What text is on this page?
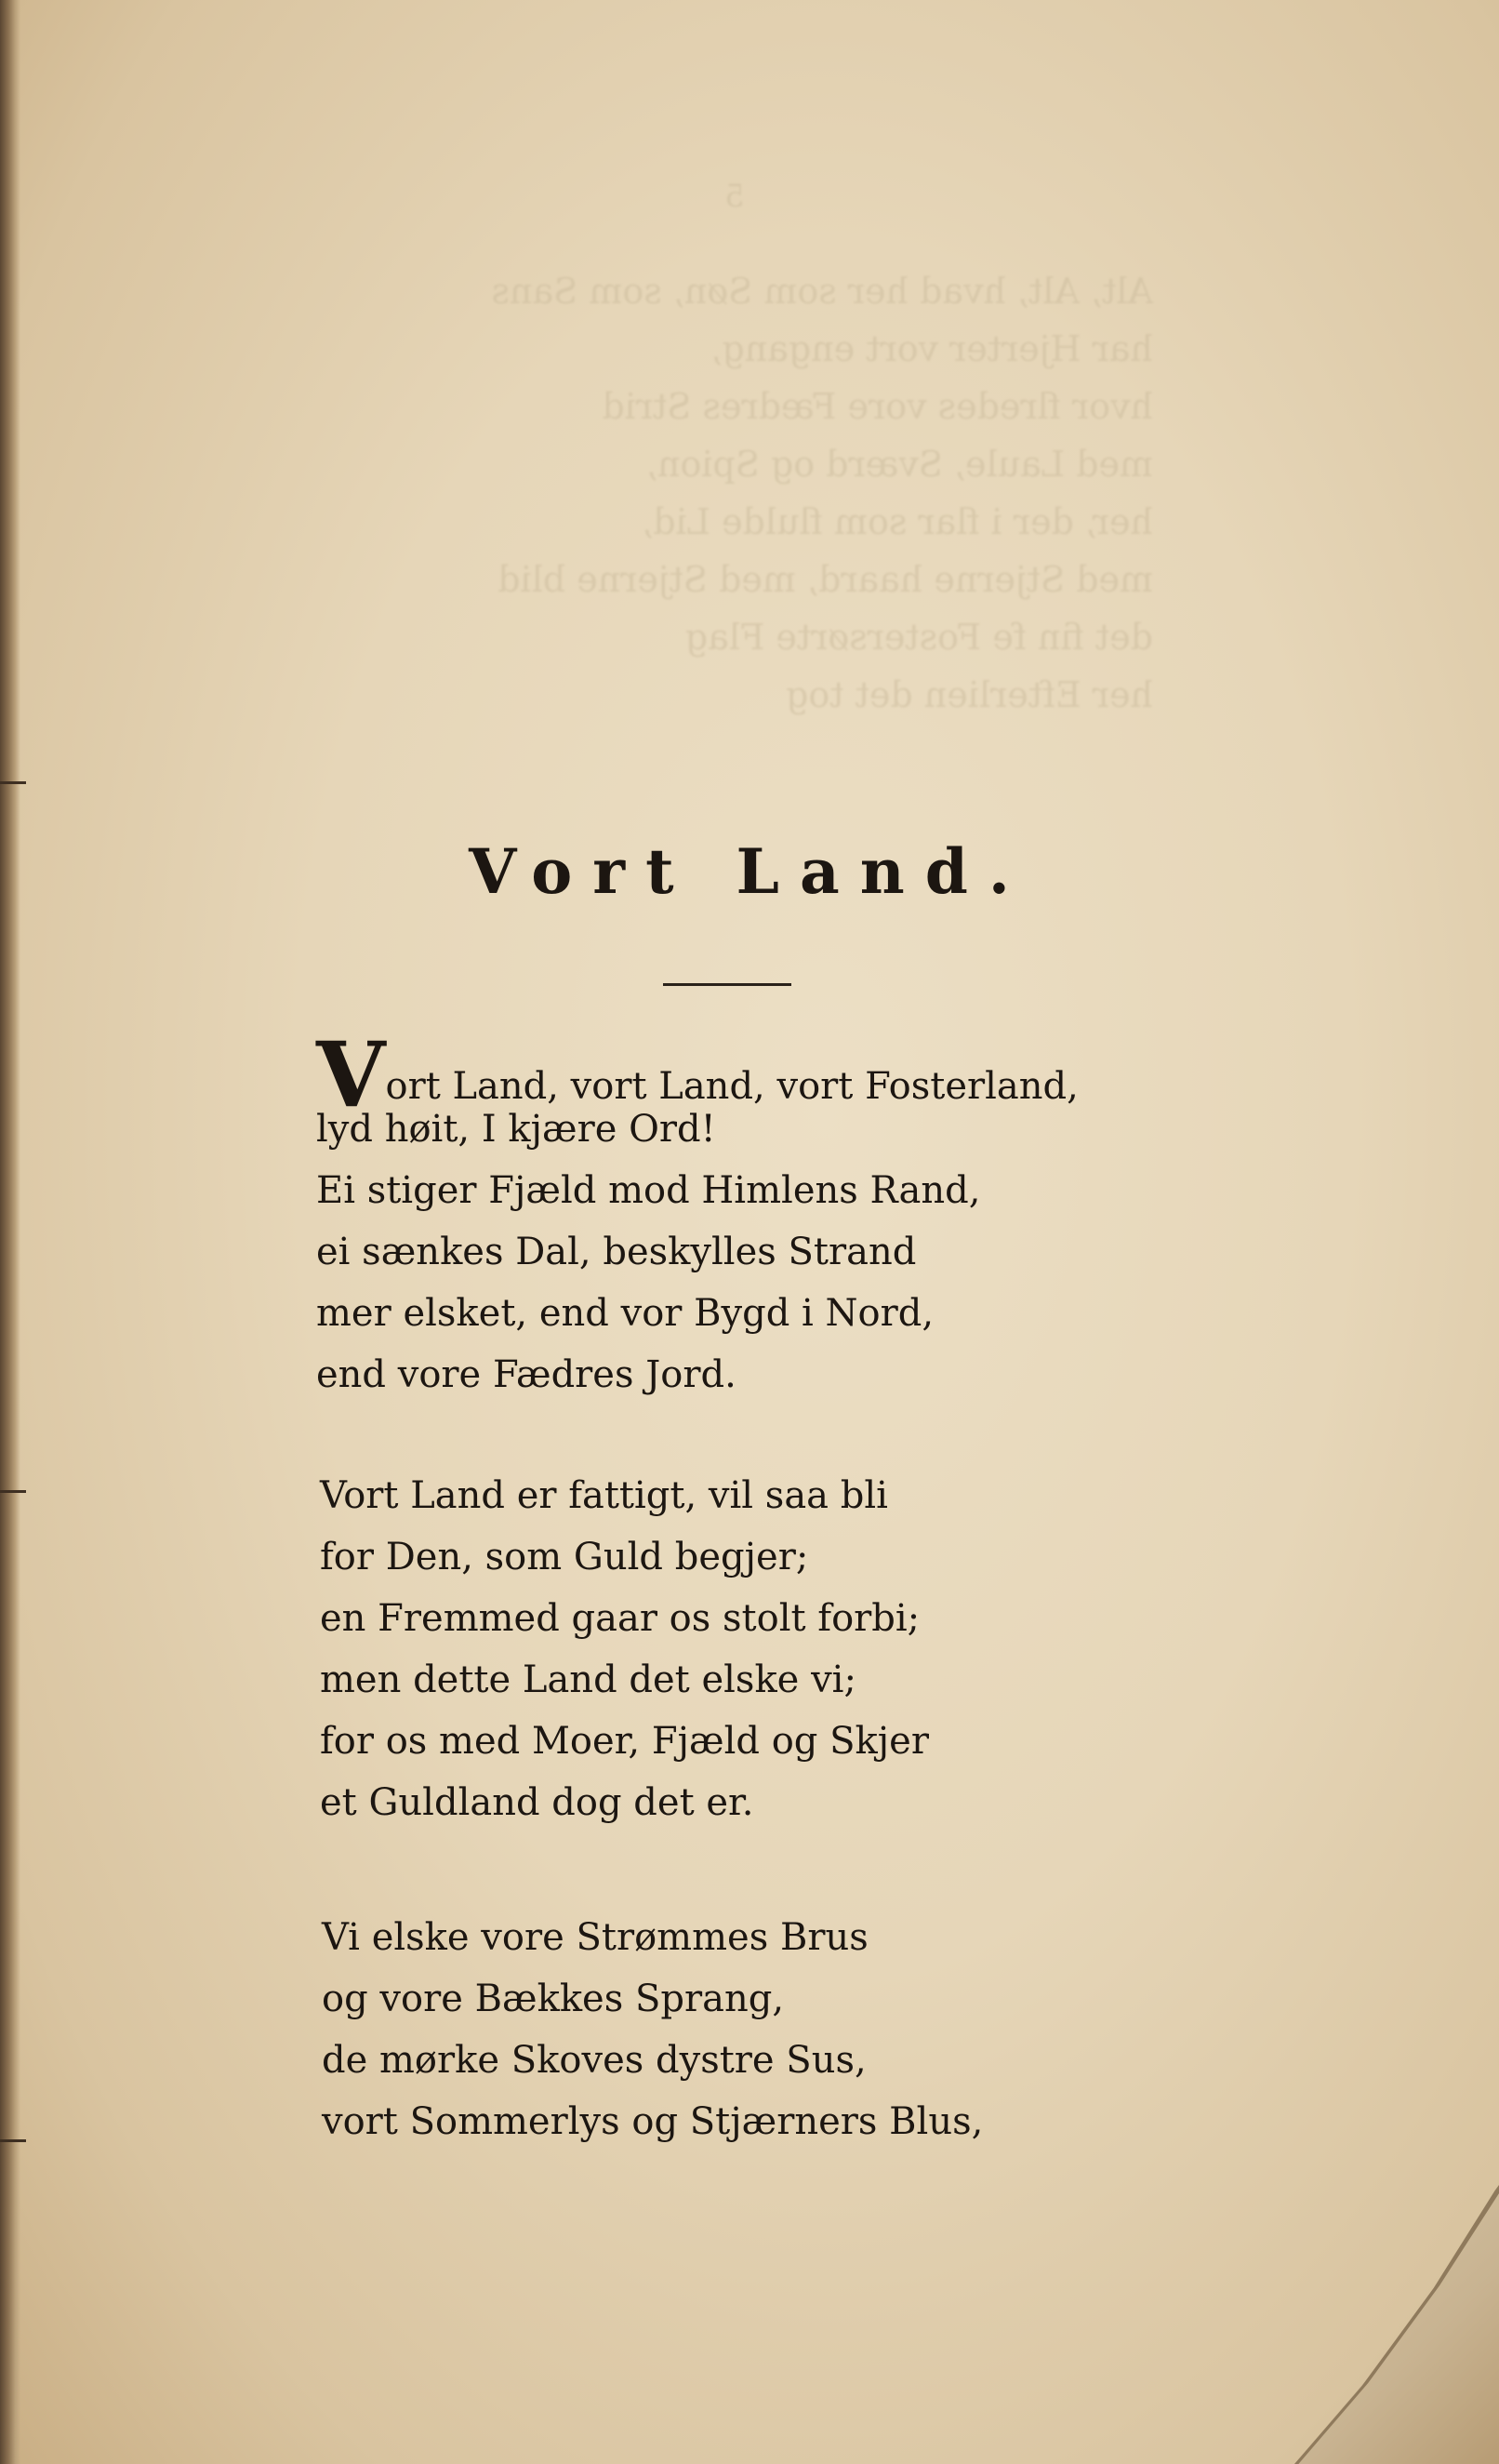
5
Alt, Alt, hvad her som Søn, som Sans
har Hjerter vort engang,
hvor flredes vore Fædres Strid
med Laule, Sværd og Spion,
her, der i flar som flulde Lid,
med Stjerne haard, med Stjerne blid
det fin fe Fostersørte Flag
her Efterlien det tog
Vort Land.
Vort Land, vort Land, vort Fosterland,
lyd høit, I kjære Ord!
Ei stiger Fjæld mod Himlens Rand,
ei sænkes Dal, beskylles Strand
mer elsket, end vor Bygd i Nord,
end vore Fædres Jord.
Vort Land er fattigt, vil saa bli
for Den, som Guld begjer;
en Fremmed gaar os stolt forbi;
men dette Land det elske vi;
for os med Moer, Fjæld og Skjer
et Guldland dog det er.
Vi elske vore Strømmes Brus
og vore Bækkes Sprang,
de mørke Skoves dystre Sus,
vort Sommerlys og Stjærners Blus,
